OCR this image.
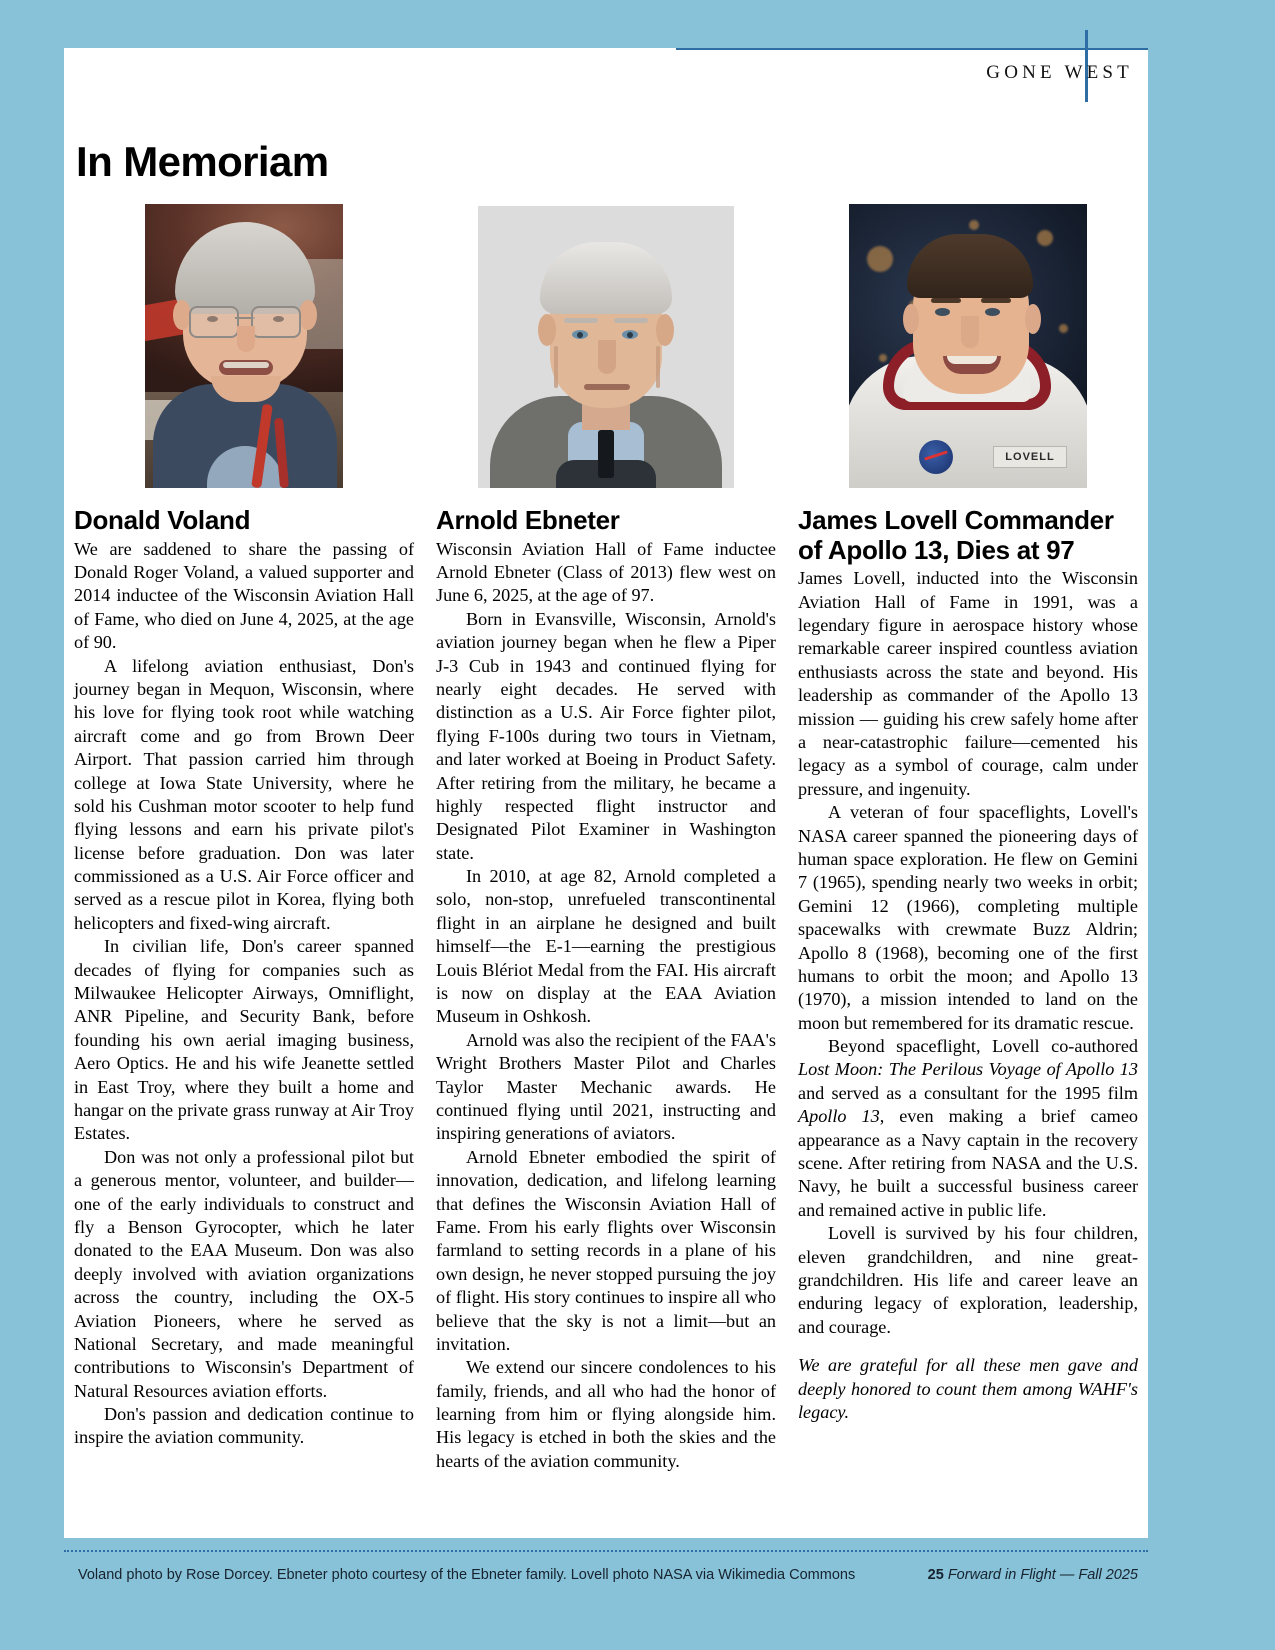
GONE WEST
In Memoriam
Donald Voland

We are saddened to share the passing of Donald Roger Voland, a valued supporter and 2014 inductee of the Wisconsin Aviation Hall of Fame, who died on June 4, 2025, at the age of 90.

A lifelong aviation enthusiast, Don's journey began in Mequon, Wisconsin, where his love for flying took root while watching aircraft come and go from Brown Deer Airport. That passion carried him through college at Iowa State University, where he sold his Cushman motor scooter to help fund flying lessons and earn his private pilot's license before graduation. Don was later commissioned as a U.S. Air Force officer and served as a rescue pilot in Korea, flying both helicopters and fixed-wing aircraft.

In civilian life, Don's career spanned decades of flying for companies such as Milwaukee Helicopter Airways, Omniflight, ANR Pipeline, and Security Bank, before founding his own aerial imaging business, Aero Optics. He and his wife Jeanette settled in East Troy, where they built a home and hangar on the private grass runway at Air Troy Estates.

Don was not only a professional pilot but a generous mentor, volunteer, and builder—one of the early individuals to construct and fly a Benson Gyrocopter, which he later donated to the EAA Museum. Don was also deeply involved with aviation organizations across the country, including the OX-5 Aviation Pioneers, where he served as National Secretary, and made meaningful contributions to Wisconsin's Department of Natural Resources aviation efforts.

Don's passion and dedication continue to inspire the aviation community.

Arnold Ebneter

Wisconsin Aviation Hall of Fame inductee Arnold Ebneter (Class of 2013) flew west on June 6, 2025, at the age of 97.

Born in Evansville, Wisconsin, Arnold's aviation journey began when he flew a Piper J-3 Cub in 1943 and continued flying for nearly eight decades. He served with distinction as a U.S. Air Force fighter pilot, flying F-100s during two tours in Vietnam, and later worked at Boeing in Product Safety. After retiring from the military, he became a highly respected flight instructor and Designated Pilot Examiner in Washington state.

In 2010, at age 82, Arnold completed a solo, non-stop, unrefueled transcontinental flight in an airplane he designed and built himself—the E-1—earning the prestigious Louis Blériot Medal from the FAI. His aircraft is now on display at the EAA Aviation Museum in Oshkosh.

Arnold was also the recipient of the FAA's Wright Brothers Master Pilot and Charles Taylor Master Mechanic awards. He continued flying until 2021, instructing and inspiring generations of aviators.

Arnold Ebneter embodied the spirit of innovation, dedication, and lifelong learning that defines the Wisconsin Aviation Hall of Fame. From his early flights over Wisconsin farmland to setting records in a plane of his own design, he never stopped pursuing the joy of flight. His story continues to inspire all who believe that the sky is not a limit—but an invitation.

We extend our sincere condolences to his family, friends, and all who had the honor of learning from him or flying alongside him. His legacy is etched in both the skies and the hearts of the aviation community.

LOVELL
James Lovell Commander of Apollo 13, Dies at 97

James Lovell, inducted into the Wisconsin Aviation Hall of Fame in 1991, was a legendary figure in aerospace history whose remarkable career inspired countless aviation enthusiasts across the state and beyond. His leadership as commander of the Apollo 13 mission — guiding his crew safely home after a near-catastrophic failure—cemented his legacy as a symbol of courage, calm under pressure, and ingenuity.

A veteran of four spaceflights, Lovell's NASA career spanned the pioneering days of human space exploration. He flew on Gemini 7 (1965), spending nearly two weeks in orbit; Gemini 12 (1966), completing multiple spacewalks with crewmate Buzz Aldrin; Apollo 8 (1968), becoming one of the first humans to orbit the moon; and Apollo 13 (1970), a mission intended to land on the moon but remembered for its dramatic rescue.

Beyond spaceflight, Lovell co-authored Lost Moon: The Perilous Voyage of Apollo 13 and served as a consultant for the 1995 film Apollo 13, even making a brief cameo appearance as a Navy captain in the recovery scene. After retiring from NASA and the U.S. Navy, he built a successful business career and remained active in public life.

Lovell is survived by his four children, eleven grandchildren, and nine great-grandchildren. His life and career leave an enduring legacy of exploration, leadership, and courage.

We are grateful for all these men gave and deeply honored to count them among WAHF's legacy.

Voland photo by Rose Dorcey. Ebneter photo courtesy of the Ebneter family. Lovell photo NASA via Wikimedia Commons	25 Forward in Flight — Fall 2025
